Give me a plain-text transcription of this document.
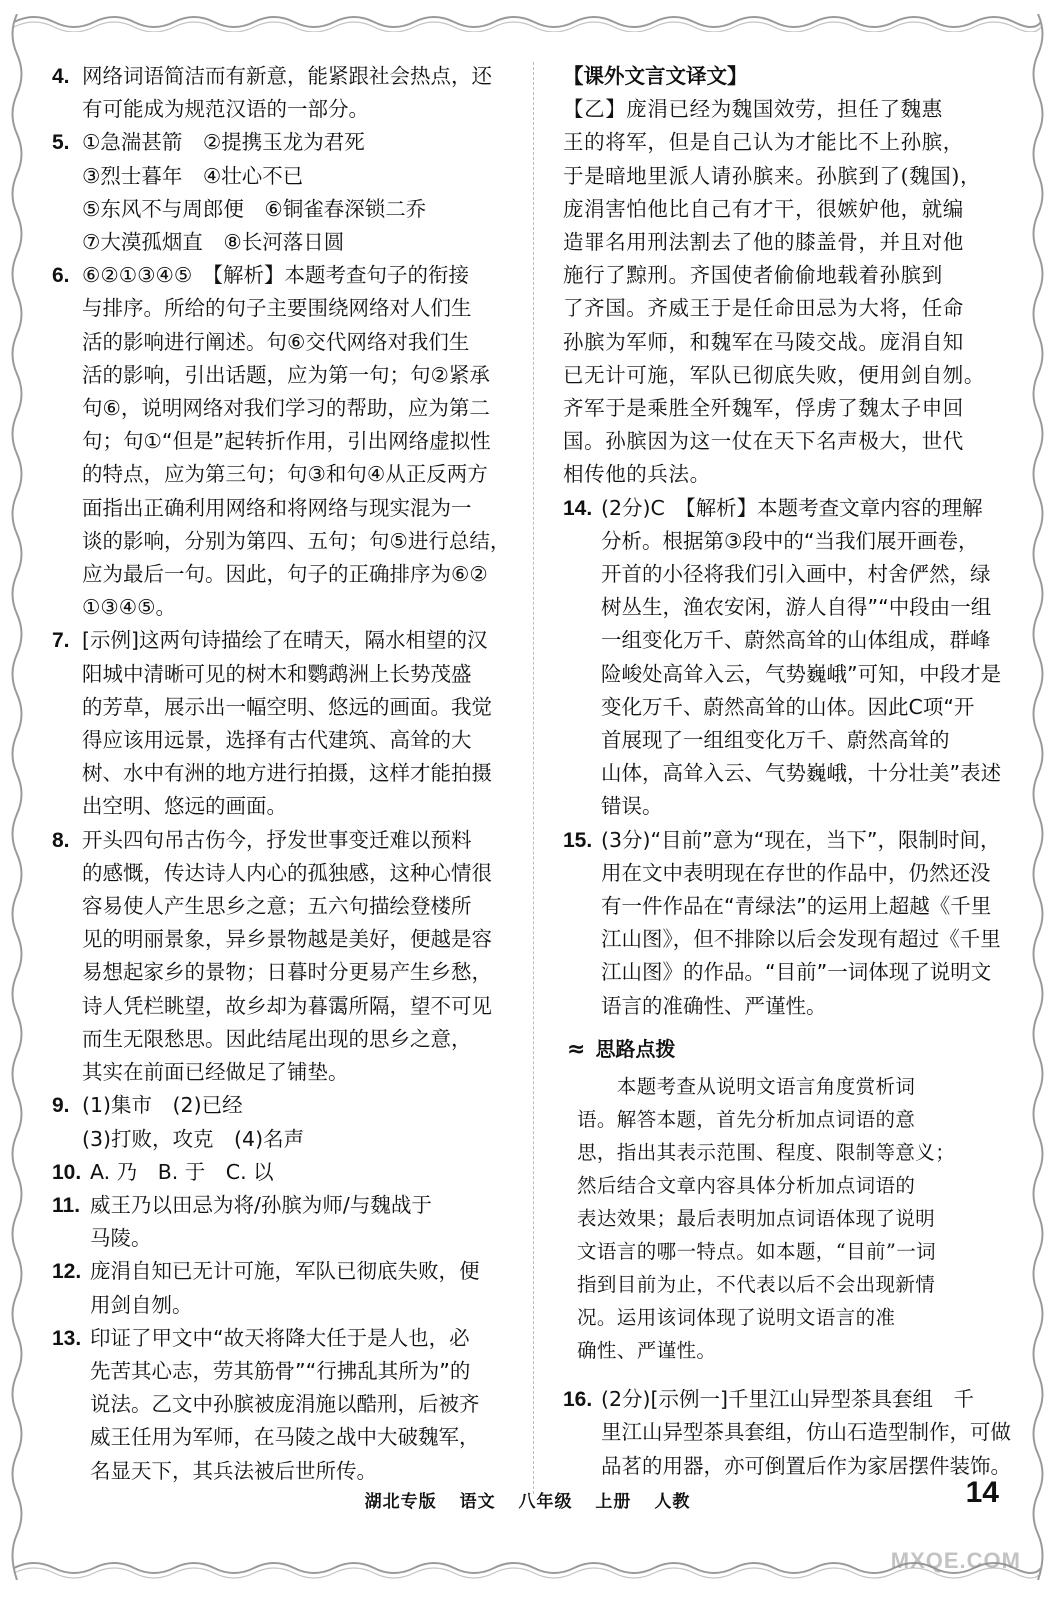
4. 网络词语简洁而有新意，能紧跟社会热点，还
有可能成为规范汉语的一部分。
5. ①急湍甚箭　②提携玉龙为君死
③烈士暮年　④壮心不已
⑤东风不与周郎便　⑥铜雀春深锁二乔
⑦大漠孤烟直　⑧长河落日圆
6. ⑥②①③④⑤　【解析】本题考查句子的衔接
与排序。所给的句子主要围绕网络对人们生
活的影响进行阐述。句⑥交代网络对我们生
活的影响，引出话题，应为第一句；句②紧承
句⑥，说明网络对我们学习的帮助，应为第二
句；句①“但是”起转折作用，引出网络虚拟性
的特点，应为第三句；句③和句④从正反两方
面指出正确利用网络和将网络与现实混为一
谈的影响，分别为第四、五句；句⑤进行总结，
应为最后一句。因此，句子的正确排序为⑥②
①③④⑤。
7. [示例]这两句诗描绘了在晴天，隔水相望的汉
阳城中清晰可见的树木和鹦鹉洲上长势茂盛
的芳草，展示出一幅空明、悠远的画面。我觉
得应该用远景，选择有古代建筑、高耸的大
树、水中有洲的地方进行拍摄，这样才能拍摄
出空明、悠远的画面。
8. 开头四句吊古伤今，抒发世事变迁难以预料
的感慨，传达诗人内心的孤独感，这种心情很
容易使人产生思乡之意；五六句描绘登楼所
见的明丽景象，异乡景物越是美好，便越是容
易想起家乡的景物；日暮时分更易产生乡愁，
诗人凭栏眺望，故乡却为暮霭所隔，望不可见
而生无限愁思。因此结尾出现的思乡之意，
其实在前面已经做足了铺垫。
9. (1)集市　(2)已经
(3)打败，攻克　(4)名声
10. A. 乃　B. 于　C. 以
11. 威王乃以田忌为将/孙膑为师/与魏战于
马陵。
12. 庞涓自知已无计可施，军队已彻底失败，便
用剑自刎。
13. 印证了甲文中“故天将降大任于是人也，必
先苦其心志，劳其筋骨”“行拂乱其所为”的
说法。乙文中孙膑被庞涓施以酷刑，后被齐
威王任用为军师，在马陵之战中大破魏军，
名显天下，其兵法被后世所传。
【课外文言文译文】
【乙】庞涓已经为魏国效劳，担任了魏惠
王的将军，但是自己认为才能比不上孙膑，
于是暗地里派人请孙膑来。孙膑到了(魏国)，
庞涓害怕他比自己有才干，很嫉妒他，就编
造罪名用刑法割去了他的膝盖骨，并且对他
施行了黥刑。齐国使者偷偷地载着孙膑到
了齐国。齐威王于是任命田忌为大将，任命
孙膑为军师，和魏军在马陵交战。庞涓自知
已无计可施，军队已彻底失败，便用剑自刎。
齐军于是乘胜全歼魏军，俘虏了魏太子申回
国。孙膑因为这一仗在天下名声极大，世代
相传他的兵法。
14. (2分)C　【解析】本题考查文章内容的理解
分析。根据第③段中的“当我们展开画卷，
开首的小径将我们引入画中，村舍俨然，绿
树丛生，渔农安闲，游人自得”“中段由一组
一组变化万千、蔚然高耸的山体组成，群峰
险峻处高耸入云，气势巍峨”可知，中段才是
变化万千、蔚然高耸的山体。因此C项“开
首展现了一组组变化万千、蔚然高耸的
山体，高耸入云、气势巍峨，十分壮美”表述
错误。
15. (3分)“目前”意为“现在，当下”，限制时间，
用在文中表明现在存世的作品中，仍然还没
有一件作品在“青绿法”的运用上超越《千里
江山图》，但不排除以后会发现有超过《千里
江山图》的作品。“目前”一词体现了说明文
语言的准确性、严谨性。
≈ 思路点拨
　　本题考查从说明文语言角度赏析词
语。解答本题，首先分析加点词语的意
思，指出其表示范围、程度、限制等意义；
然后结合文章内容具体分析加点词语的
表达效果；最后表明加点词语体现了说明
文语言的哪一特点。如本题，“目前”一词
指到目前为止，不代表以后不会出现新情
况。运用该词体现了说明文语言的准
确性、严谨性。
16. (2分)[示例一]千里江山异型茶具套组　千
里江山异型茶具套组，仿山石造型制作，可做
品茗的用器，亦可倒置后作为家居摆件装饰。
湖北专版 语文 八年级 上册 人教	14
MXQE.COM
